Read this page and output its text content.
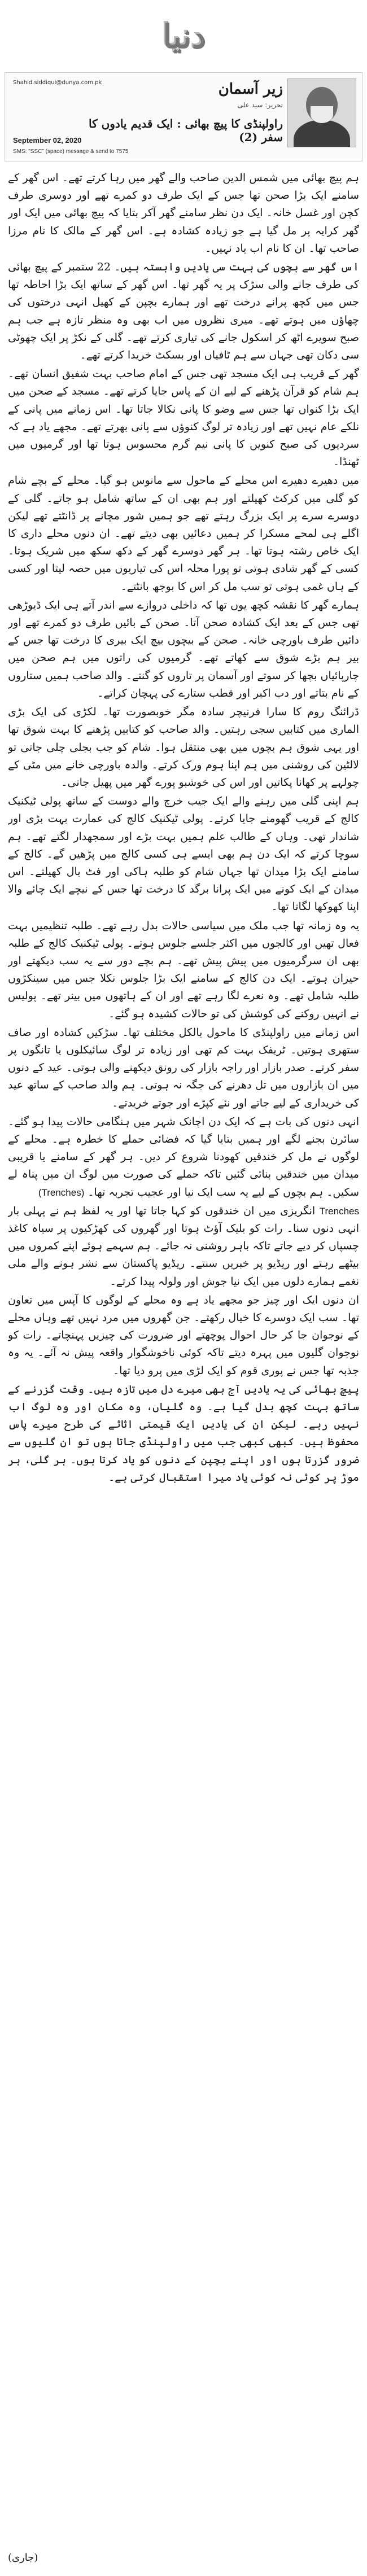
دنیا
زیر آسمان
تحریر: سید علی
راولپنڈی کا پیچ بھائی : ایک قدیم یادوں کا سفر (2)
Shahid.siddiqui@dunya.com.pk
September 02, 2020
SMS: "SSC" (space) message & send to 7575

ہم پیچ بھائی میں شمس الدین صاحب والے گھر میں رہا کرتے تھے۔ اس گھر کے سامنے ایک بڑا صحن تھا جس کے ایک طرف دو کمرے تھے اور دوسری طرف کچن اور غسل خانہ۔ ایک دن نظر سامنے گھر آکر بتایا کہ پیچ بھائی میں ایک اور گھر کرایہ پر مل گیا ہے جو زیادہ کشادہ ہے۔ اس گھر کے مالک کا نام مرزا صاحب تھا۔ ان کا نام اب یاد نہیں۔

اس گھر سے بچوں کی بہت سی یادیں وابستہ ہیں۔ 22 ستمبر کے پیچ بھائی کی طرف جانے والی سڑک پر یہ گھر تھا۔ اس گھر کے ساتھ ایک بڑا احاطہ تھا جس میں کچھ پرانے درخت تھے اور ہمارے بچپن کے کھیل انہی درختوں کی چھاؤں میں ہوتے تھے۔ میری نظروں میں اب بھی وہ منظر تازہ ہے جب ہم صبح سویرے اٹھ کر اسکول جانے کی تیاری کرتے تھے۔ گلی کے نکڑ پر ایک چھوٹی سی دکان تھی جہاں سے ہم ٹافیاں اور بسکٹ خریدا کرتے تھے۔

گھر کے قریب ہی ایک مسجد تھی جس کے امام صاحب بہت شفیق انسان تھے۔ ہم شام کو قرآن پڑھنے کے لیے ان کے پاس جایا کرتے تھے۔ مسجد کے صحن میں ایک بڑا کنواں تھا جس سے وضو کا پانی نکالا جاتا تھا۔ اس زمانے میں پانی کے نلکے عام نہیں تھے اور زیادہ تر لوگ کنوؤں سے پانی بھرتے تھے۔ مجھے یاد ہے کہ سردیوں کی صبح کنویں کا پانی نیم گرم محسوس ہوتا تھا اور گرمیوں میں ٹھنڈا۔

میں دھیرے دھیرے اس محلے کے ماحول سے مانوس ہو گیا۔ محلے کے بچے شام کو گلی میں کرکٹ کھیلتے اور ہم بھی ان کے ساتھ شامل ہو جاتے۔ گلی کے دوسرے سرے پر ایک بزرگ رہتے تھے جو ہمیں شور مچانے پر ڈانٹتے تھے لیکن اگلے ہی لمحے مسکرا کر ہمیں دعائیں بھی دیتے تھے۔ ان دنوں محلے داری کا ایک خاص رشتہ ہوتا تھا۔ ہر گھر دوسرے گھر کے دکھ سکھ میں شریک ہوتا۔ کسی کے گھر شادی ہوتی تو پورا محلہ اس کی تیاریوں میں حصہ لیتا اور کسی کے ہاں غمی ہوتی تو سب مل کر اس کا بوجھ بانٹتے۔

ہمارے گھر کا نقشہ کچھ یوں تھا کہ داخلی دروازے سے اندر آتے ہی ایک ڈیوڑھی تھی جس کے بعد ایک کشادہ صحن آتا۔ صحن کے بائیں طرف دو کمرے تھے اور دائیں طرف باورچی خانہ۔ صحن کے بیچوں بیچ ایک بیری کا درخت تھا جس کے بیر ہم بڑے شوق سے کھاتے تھے۔ گرمیوں کی راتوں میں ہم صحن میں چارپائیاں بچھا کر سوتے اور آسمان پر تاروں کو گنتے۔ والد صاحب ہمیں ستاروں کے نام بتاتے اور دب اکبر اور قطب ستارے کی پہچان کراتے۔

ڈرائنگ روم کا سارا فرنیچر سادہ مگر خوبصورت تھا۔ لکڑی کی ایک بڑی الماری میں کتابیں سجی رہتیں۔ والد صاحب کو کتابیں پڑھنے کا بہت شوق تھا اور یہی شوق ہم بچوں میں بھی منتقل ہوا۔ شام کو جب بجلی چلی جاتی تو لالٹین کی روشنی میں ہم اپنا ہوم ورک کرتے۔ والدہ باورچی خانے میں مٹی کے چولہے پر کھانا پکاتیں اور اس کی خوشبو پورے گھر میں پھیل جاتی۔

ہم اپنی گلی میں رہنے والے ایک جیب خرچ والے دوست کے ساتھ پولی ٹیکنیک کالج کے قریب گھومنے جایا کرتے۔ پولی ٹیکنیک کالج کی عمارت بہت بڑی اور شاندار تھی۔ وہاں کے طالب علم ہمیں بہت بڑے اور سمجھدار لگتے تھے۔ ہم سوچا کرتے کہ ایک دن ہم بھی ایسے ہی کسی کالج میں پڑھیں گے۔ کالج کے سامنے ایک بڑا میدان تھا جہاں شام کو طلبہ ہاکی اور فٹ بال کھیلتے۔ اس میدان کے ایک کونے میں ایک پرانا برگد کا درخت تھا جس کے نیچے ایک چائے والا اپنا کھوکھا لگاتا تھا۔

یہ وہ زمانہ تھا جب ملک میں سیاسی حالات بدل رہے تھے۔ طلبہ تنظیمیں بہت فعال تھیں اور کالجوں میں اکثر جلسے جلوس ہوتے۔ پولی ٹیکنیک کالج کے طلبہ بھی ان سرگرمیوں میں پیش پیش تھے۔ ہم بچے دور سے یہ سب دیکھتے اور حیران ہوتے۔ ایک دن کالج کے سامنے ایک بڑا جلوس نکلا جس میں سینکڑوں طلبہ شامل تھے۔ وہ نعرے لگا رہے تھے اور ان کے ہاتھوں میں بینر تھے۔ پولیس نے انہیں روکنے کی کوشش کی تو حالات کشیدہ ہو گئے۔

اس زمانے میں راولپنڈی کا ماحول بالکل مختلف تھا۔ سڑکیں کشادہ اور صاف ستھری ہوتیں۔ ٹریفک بہت کم تھی اور زیادہ تر لوگ سائیکلوں یا تانگوں پر سفر کرتے۔ صدر بازار اور راجہ بازار کی رونق دیکھنے والی ہوتی۔ عید کے دنوں میں ان بازاروں میں تل دھرنے کی جگہ نہ ہوتی۔ ہم والد صاحب کے ساتھ عید کی خریداری کے لیے جاتے اور نئے کپڑے اور جوتے خریدتے۔

انہی دنوں کی بات ہے کہ ایک دن اچانک شہر میں ہنگامی حالات پیدا ہو گئے۔ سائرن بجنے لگے اور ہمیں بتایا گیا کہ فضائی حملے کا خطرہ ہے۔ محلے کے لوگوں نے مل کر خندقیں کھودنا شروع کر دیں۔ ہر گھر کے سامنے یا قریبی میدان میں خندقیں بنائی گئیں تاکہ حملے کی صورت میں لوگ ان میں پناہ لے سکیں۔ ہم بچوں کے لیے یہ سب ایک نیا اور عجیب تجربہ تھا۔ (Trenches)

Trenches انگریزی میں ان خندقوں کو کہا جاتا تھا اور یہ لفظ ہم نے پہلی بار انہی دنوں سنا۔ رات کو بلیک آؤٹ ہوتا اور گھروں کی کھڑکیوں پر سیاہ کاغذ چسپاں کر دیے جاتے تاکہ باہر روشنی نہ جائے۔ ہم سہمے ہوئے اپنے کمروں میں بیٹھے رہتے اور ریڈیو پر خبریں سنتے۔ ریڈیو پاکستان سے نشر ہونے والے ملی نغمے ہمارے دلوں میں ایک نیا جوش اور ولولہ پیدا کرتے۔

ان دنوں ایک اور چیز جو مجھے یاد ہے وہ محلے کے لوگوں کا آپس میں تعاون تھا۔ سب ایک دوسرے کا خیال رکھتے۔ جن گھروں میں مرد نہیں تھے وہاں محلے کے نوجوان جا کر حال احوال پوچھتے اور ضرورت کی چیزیں پہنچاتے۔ رات کو نوجوان گلیوں میں پہرہ دیتے تاکہ کوئی ناخوشگوار واقعہ پیش نہ آئے۔ یہ وہ جذبہ تھا جس نے پوری قوم کو ایک لڑی میں پرو دیا تھا۔

پیچ بھائی کی یہ یادیں آج بھی میرے دل میں تازہ ہیں۔ وقت گزرنے کے ساتھ بہت کچھ بدل گیا ہے۔ وہ گلیاں، وہ مکان اور وہ لوگ اب نہیں رہے۔ لیکن ان کی یادیں ایک قیمتی اثاثے کی طرح میرے پاس محفوظ ہیں۔ کبھی کبھی جب میں راولپنڈی جاتا ہوں تو ان گلیوں سے ضرور گزرتا ہوں اور اپنے بچپن کے دنوں کو یاد کرتا ہوں۔ ہر گلی، ہر موڑ پر کوئی نہ کوئی یاد میرا استقبال کرتی ہے۔

(جاری)
